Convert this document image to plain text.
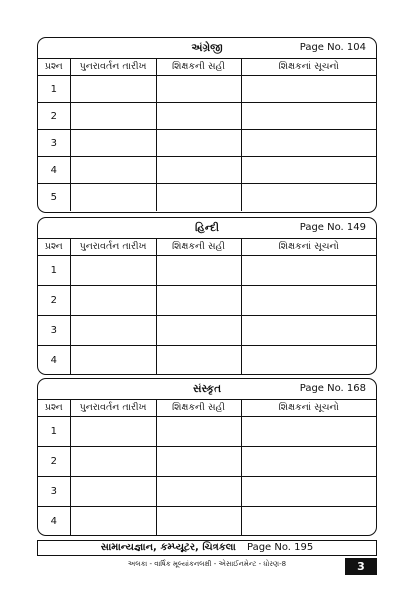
અંગ્રેજી	Page No. 104
પ્રશ્ન	પુનરાવર્તન તારીખ	શિક્ષકની સહી	શિક્ષકનાં સૂચનો
1			
2			
3			
4			
5			
હિન્દી	Page No. 149
પ્રશ્ન	પુનરાવર્તન તારીખ	શિક્ષકની સહી	શિક્ષકનાં સૂચનો
1			
2			
3			
4			
સંસ્કૃત	Page No. 168
પ્રશ્ન	પુનરાવર્તન તારીખ	શિક્ષકની સહી	શિક્ષકનાં સૂચનો
1			
2			
3			
4			
સામાન્યજ્ઞાન, કમ્પ્યૂટર, ચિત્રકલા Page No. 195
અલકા - વાર્ષિક મૂલ્યાંકનલક્ષી - એસાઈનમેન્ટ - ધોરણ-8	3
